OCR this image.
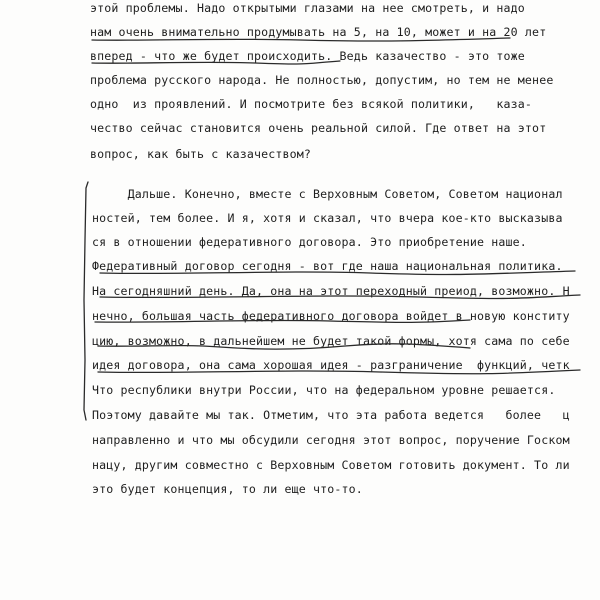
этой проблемы. Надо открытыми глазами на нее смотреть, и надо
нам очень внимательно продумывать на 5, на 10, может и на 20 лет
вперед - что же будет происходить. Ведь казачество - это тоже
проблема русского народа. Не полностью, допустим, но тем не менее
одно  из проявлений. И посмотрите без всякой политики,   каза-
чество сейчас становится очень реальной силой. Где ответ на этот
вопрос, как быть с казачеством?
Дальше. Конечно, вместе с Верховным Советом, Советом национал
ностей, тем более. И я, хотя и сказал, что вчера кое-кто высказыва
ся в отношении федеративного договора. Это приобретение наше.
Федеративный договор сегодня - вот где наша национальная политика.
На сегодняшний день. Да, она на этот переходный преиод, возможно. Н
нечно, большая часть федеративного договора войдет в новую конститу
цию, возможно, в дальнейшем не будет такой формы, хотя сама по себе
идея договора, она сама хорошая идея - разграничение  функций, четк
Что республики внутри России, что на федеральном уровне решается.
Поэтому давайте мы так. Отметим, что эта работа ведется   более   ц
направленно и что мы обсудили сегодня этот вопрос, поручение Госком
нацу, другим совместно с Верховным Советом готовить документ. То ли
это будет концепция, то ли еще что-то.
